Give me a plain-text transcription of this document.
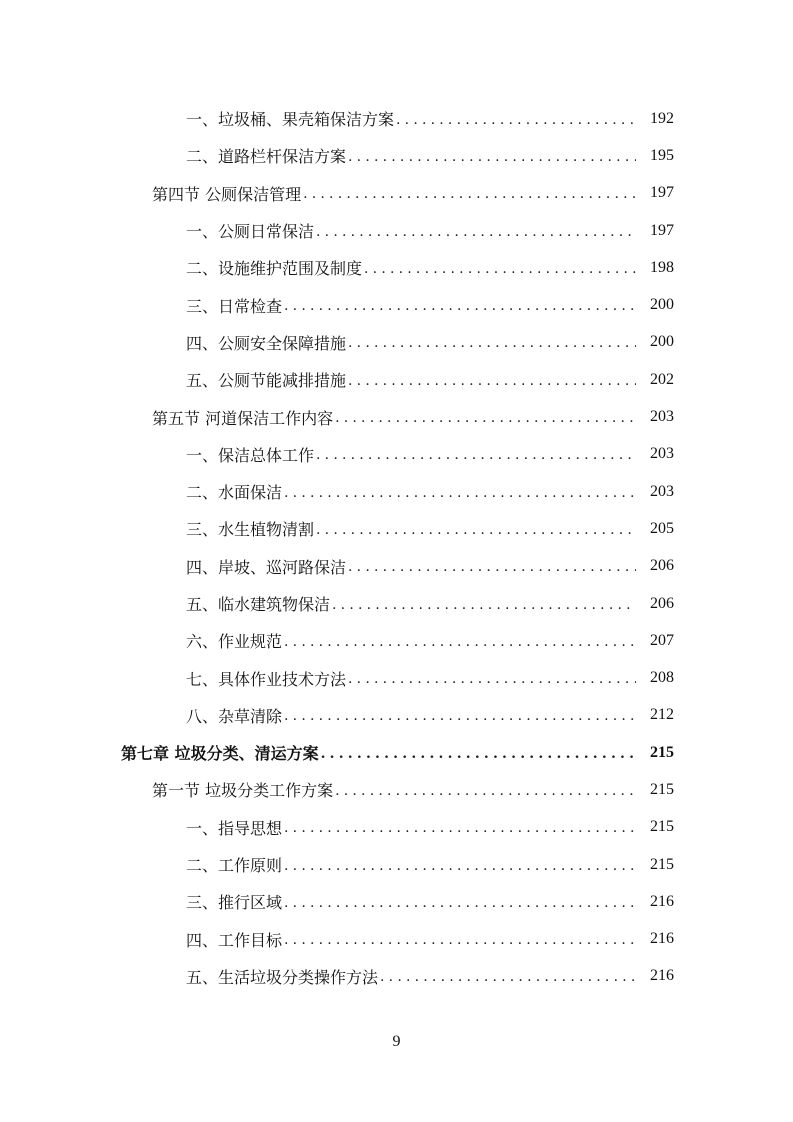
一、垃圾桶、果壳箱保洁方案 .....	192
二、道路栏杆保洁方案 .....	195
第四节 公厕保洁管理 .....	197
一、公厕日常保洁 .....	197
二、设施维护范围及制度 .....	198
三、日常检查 .....	200
四、公厕安全保障措施 .....	200
五、公厕节能减排措施 .....	202
第五节 河道保洁工作内容 .....	203
一、保洁总体工作 .....	203
二、水面保洁 .....	203
三、水生植物清割 .....	205
四、岸坡、巡河路保洁 .....	206
五、临水建筑物保洁 .....	206
六、作业规范 .....	207
七、具体作业技术方法 .....	208
八、杂草清除 .....	212
第七章 垃圾分类、清运方案 .....	215
第一节 垃圾分类工作方案 .....	215
一、指导思想 .....	215
二、工作原则 .....	215
三、推行区域 .....	216
四、工作目标 .....	216
五、生活垃圾分类操作方法 .....	216
9
